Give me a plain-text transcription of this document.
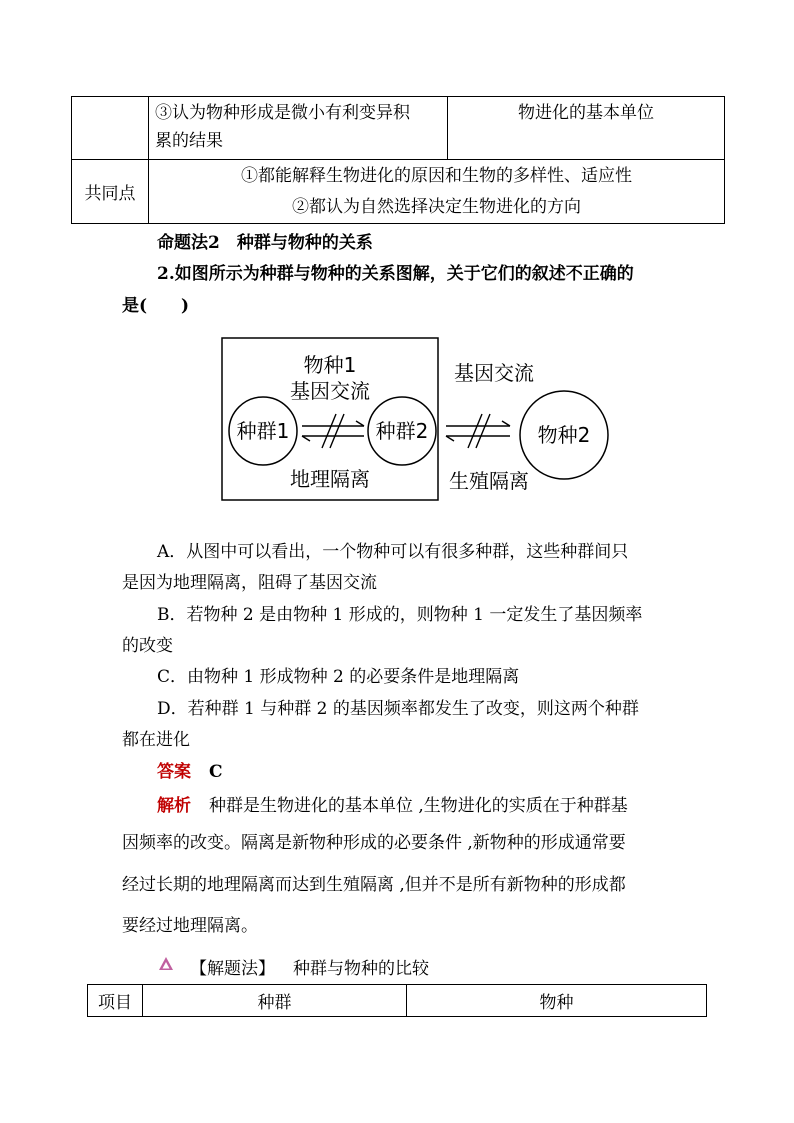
	③认为物种形成是微小有利变异积
累的结果	物进化的基本单位
共同点	①都能解释生物进化的原因和生物的多样性、适应性
②都认为自然选择决定生物进化的方向	
命题法2　种群与物种的关系
2.如图所示为种群与物种的关系图解，关于它们的叙述不正确的
是(　　)
物种1
基因交流
种群1	种群2
地理隔离
基因交流
生殖隔离
物种2
A．从图中可以看出，一个物种可以有很多种群，这些种群间只
是因为地理隔离，阻碍了基因交流
B．若物种 2 是由物种 1 形成的，则物种 1 一定发生了基因频率
的改变
C．由物种 1 形成物种 2 的必要条件是地理隔离
D．若种群 1 与种群 2 的基因频率都发生了改变，则这两个种群
都在进化
答案 C
解析 种群是生物进化的基本单位 ,生物进化的实质在于种群基
因频率的改变。隔离是新物种形成的必要条件 ,新物种的形成通常要
经过长期的地理隔离而达到生殖隔离 ,但并不是所有新物种的形成都
要经过地理隔离。
【解题法】 种群与物种的比较
项目	种群	物种
